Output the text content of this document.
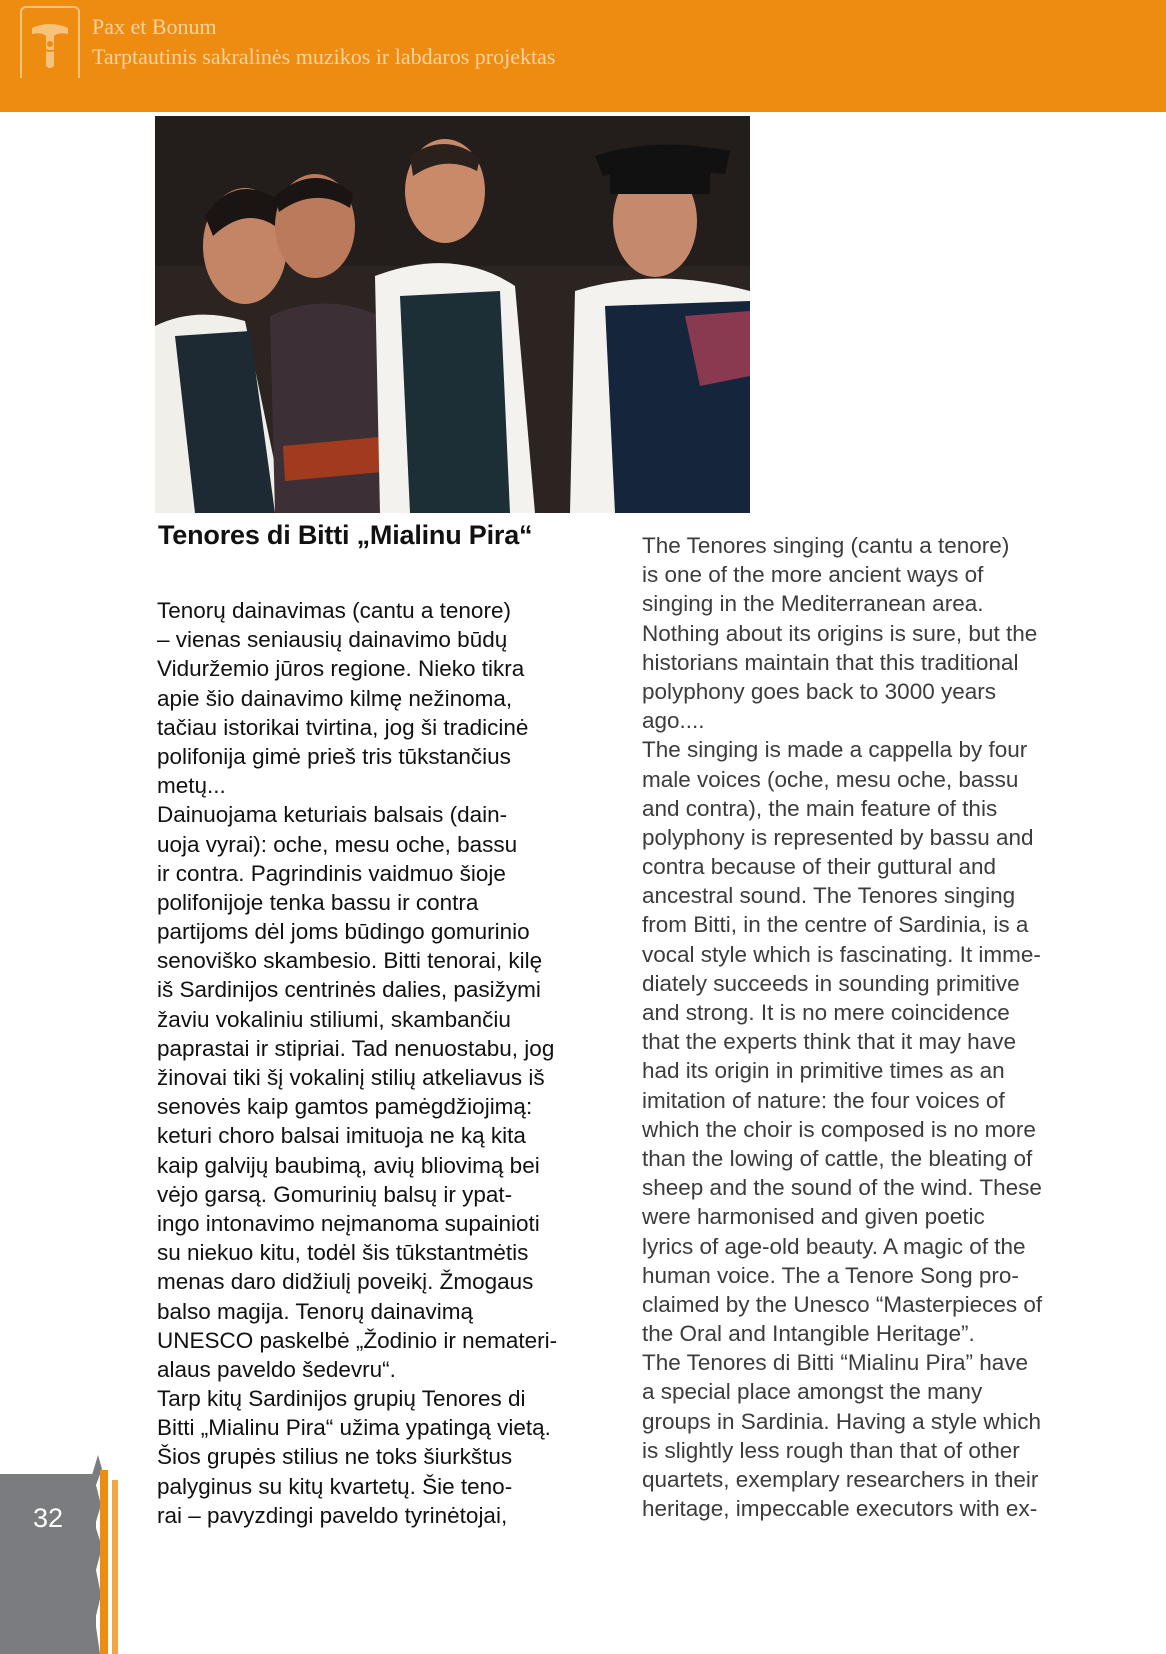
Pax et Bonum
Tarptautinis sakralinės muzikos ir labdaros projektas
Tenores di Bitti „Mialinu Pira“
Tenorų dainavimas (cantu a tenore)
– vienas seniausių dainavimo būdų
Viduržemio jūros regione. Nieko tikra
apie šio dainavimo kilmę nežinoma,
tačiau istorikai tvirtina, jog ši tradicinė
polifonija gimė prieš tris tūkstančius
metų...
Dainuojama keturiais balsais (dain-
uoja vyrai): oche, mesu oche, bassu
ir contra. Pagrindinis vaidmuo šioje
polifonijoje tenka bassu ir contra
partijoms dėl joms būdingo gomurinio
senoviško skambesio. Bitti tenorai, kilę
iš Sardinijos centrinės dalies, pasižymi
žaviu vokaliniu stiliumi, skambančiu
paprastai ir stipriai. Tad nenuostabu, jog
žinovai tiki šį vokalinį stilių atkeliavus iš
senovės kaip gamtos pamėgdžiojimą:
keturi choro balsai imituoja ne ką kita
kaip galvijų baubimą, avių bliovimą bei
vėjo garsą. Gomurinių balsų ir ypat-
ingo intonavimo neįmanoma supainioti
su niekuo kitu, todėl šis tūkstantmėtis
menas daro didžiulį poveikį. Žmogaus
balso magija. Tenorų dainavimą
UNESCO paskelbė „Žodinio ir nemateri-
alaus paveldo šedevru“.
Tarp kitų Sardinijos grupių Tenores di
Bitti „Mialinu Pira“ užima ypatingą vietą.
Šios grupės stilius ne toks šiurkštus
palyginus su kitų kvartetų. Šie teno-
rai – pavyzdingi paveldo tyrinėtojai,
The Tenores singing (cantu a tenore)
is one of the more ancient ways of
singing in the Mediterranean area.
Nothing about its origins is sure, but the
historians maintain that this traditional
polyphony goes back to 3000 years
ago....
The singing is made a cappella by four
male voices (oche, mesu oche, bassu
and contra), the main feature of this
polyphony is represented by bassu and
contra because of their guttural and
ancestral sound. The Tenores singing
from Bitti, in the centre of Sardinia, is a
vocal style which is fascinating. It imme-
diately succeeds in sounding primitive
and strong. It is no mere coincidence
that the experts think that it may have
had its origin in primitive times as an
imitation of nature: the four voices of
which the choir is composed is no more
than the lowing of cattle, the bleating of
sheep and the sound of the wind. These
were harmonised and given poetic
lyrics of age-old beauty. A magic of the
human voice. The a Tenore Song pro-
claimed by the Unesco “Masterpieces of
the Oral and Intangible Heritage”.
The Tenores di Bitti “Mialinu Pira” have
a special place amongst the many
groups in Sardinia. Having a style which
is slightly less rough than that of other
quartets, exemplary researchers in their
heritage, impeccable executors with ex-
32
